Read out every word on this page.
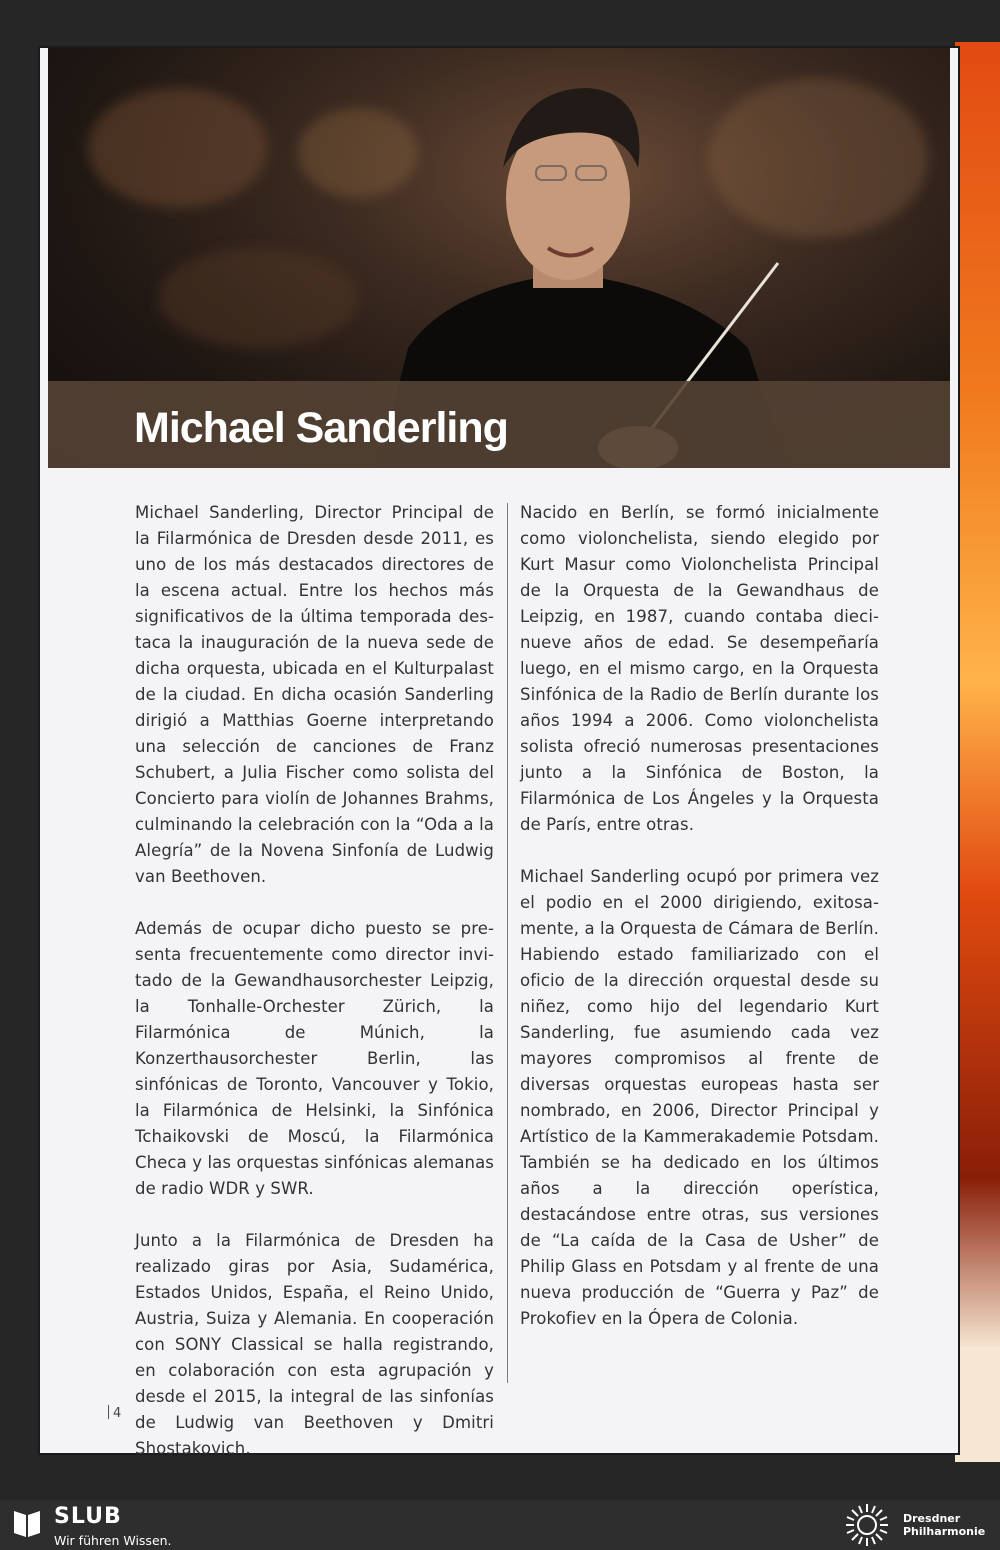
Michael Sanderling

Michael Sanderling, Director Principal de la Filarmónica de Dresden desde 2011, es uno de los más destacados directores de la escena actual. Entre los hechos más significativos de la última temporada destaca la inauguración de la nueva sede de dicha orquesta, ubicada en el Kulturpalast de la ciudad. En dicha ocasión Sanderling dirigió a Matthias Goerne interpretando una selección de canciones de Franz Schubert, a Julia Fischer como solista del Concierto para violín de Johannes Brahms, culminando la celebración con la “Oda a la Alegría” de la Novena Sinfonía de Ludwig van Beethoven.

Además de ocupar dicho puesto se presenta frecuentemente como director invitado de la Gewandhausorchester Leipzig, la Tonhalle-Orchester Zürich, la Filarmónica de Múnich, la Konzerthausorchester Berlin, las sinfónicas de Toronto, Vancouver y Tokio, la Filarmónica de Helsinki, la Sinfónica Tchaikovski de Moscú, la Filarmónica Checa y las orquestas sinfónicas alemanas de radio WDR y SWR.

Junto a la Filarmónica de Dresden ha realizado giras por Asia, Sudamérica, Estados Unidos, España, el Reino Unido, Austria, Suiza y Alemania. En cooperación con SONY Classical se halla registrando, en colaboración con esta agrupación y desde el 2015, la integral de las sinfonías de Ludwig van Beethoven y Dmitri Shostakovich.

Nacido en Berlín, se formó inicialmente como violonchelista, siendo elegido por Kurt Masur como Violonchelista Principal de la Orquesta de la Gewandhaus de Leipzig, en 1987, cuando contaba diecinueve años de edad. Se desempeñaría luego, en el mismo cargo, en la Orquesta Sinfónica de la Radio de Berlín durante los años 1994 a 2006. Como violonchelista solista ofreció numerosas presentaciones junto a la Sinfónica de Boston, la Filarmónica de Los Ángeles y la Orquesta de París, entre otras.

Michael Sanderling ocupó por primera vez el podio en el 2000 dirigiendo, exitosamente, a la Orquesta de Cámara de Berlín. Habiendo estado familiarizado con el oficio de la dirección orquestal desde su niñez, como hijo del legendario Kurt Sanderling, fue asumiendo cada vez mayores compromisos al frente de diversas orquestas europeas hasta ser nombrado, en 2006, Director Principal y Artístico de la Kammerakademie Potsdam. También se ha dedicado en los últimos años a la dirección operística, destacándose entre otras, sus versiones de “La caída de la Casa de Usher” de Philip Glass en Potsdam y al frente de una nueva producción de “Guerra y Paz” de Prokofiev en la Ópera de Colonia.

4
SLUB
Wir führen Wissen.
Dresdner
Philharmonie
